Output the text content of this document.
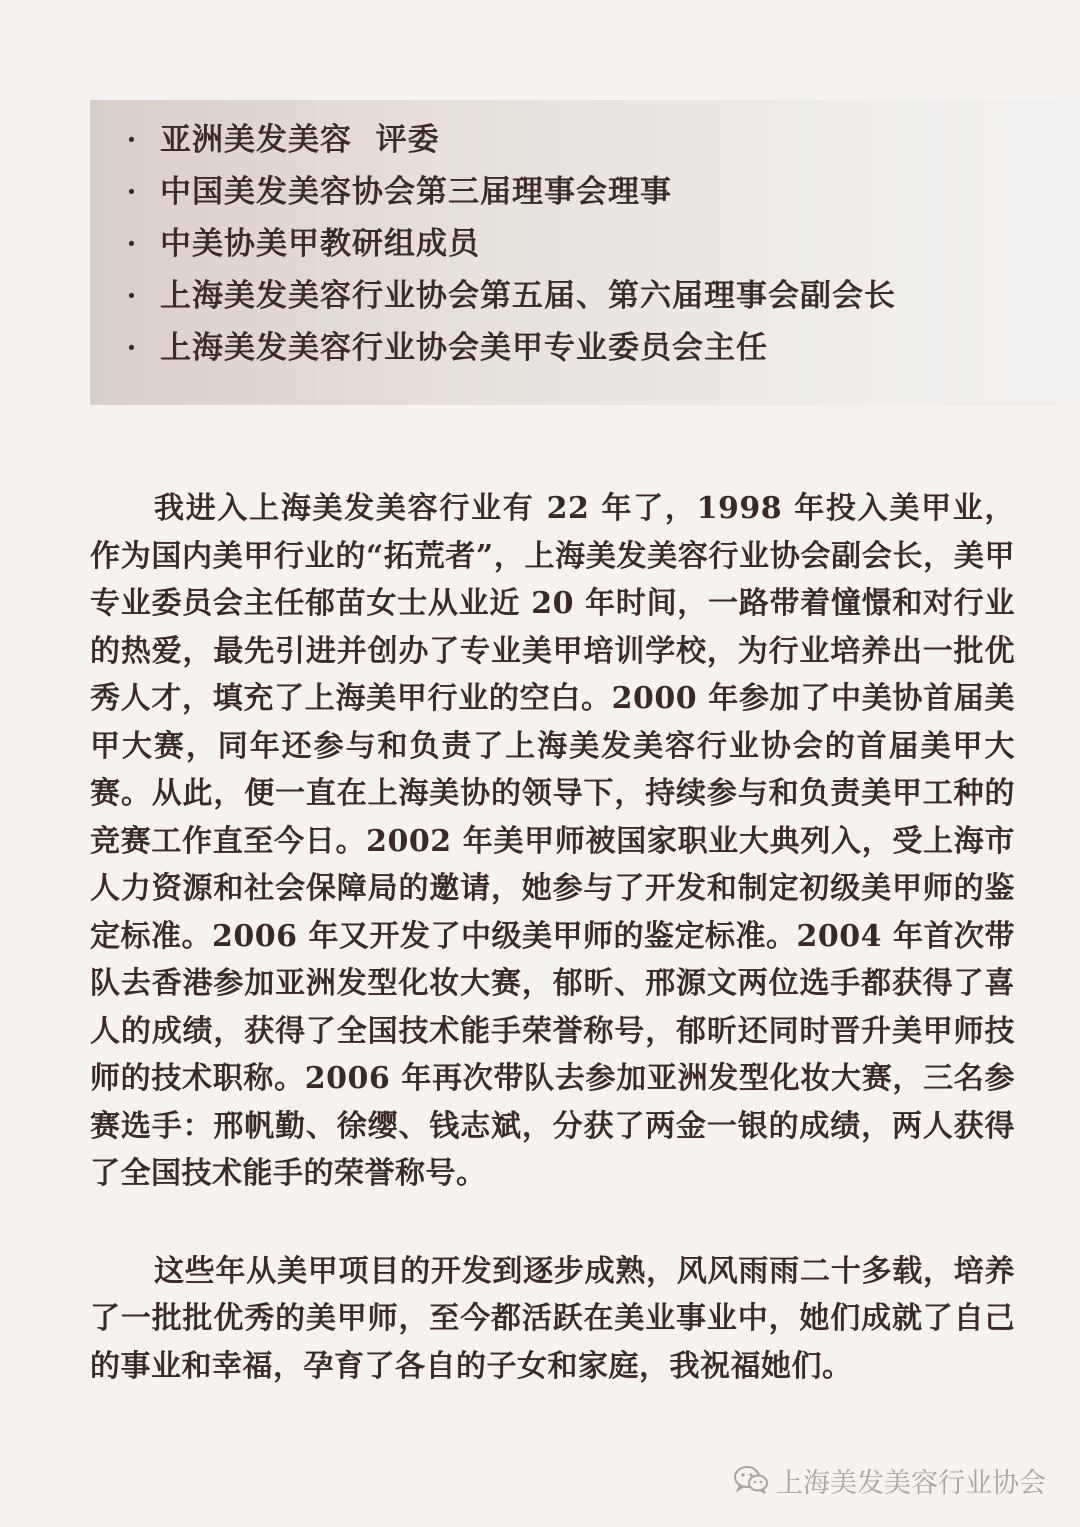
· 亚洲美发美容  评委
· 中国美发美容协会第三届理事会理事
· 中美协美甲教研组成员
· 上海美发美容行业协会第五届、第六届理事会副会长
· 上海美发美容行业协会美甲专业委员会主任

我进入上海美发美容行业有 22 年了，1998 年投入美甲业，作为国内美甲行业的“拓荒者”，上海美发美容行业协会副会长，美甲专业委员会主任郁苗女士从业近 20 年时间，一路带着憧憬和对行业的热爱，最先引进并创办了专业美甲培训学校，为行业培养出一批优秀人才，填充了上海美甲行业的空白。2000 年参加了中美协首届美甲大赛，同年还参与和负责了上海美发美容行业协会的首届美甲大赛。从此，便一直在上海美协的领导下，持续参与和负责美甲工种的竞赛工作直至今日。2002 年美甲师被国家职业大典列入，受上海市人力资源和社会保障局的邀请，她参与了开发和制定初级美甲师的鉴定标准。2006 年又开发了中级美甲师的鉴定标准。2004 年首次带队去香港参加亚洲发型化妆大赛，郁昕、邢源文两位选手都获得了喜人的成绩，获得了全国技术能手荣誉称号，郁昕还同时晋升美甲师技师的技术职称。2006 年再次带队去参加亚洲发型化妆大赛，三名参赛选手：邢帆勤、徐缨、钱志斌，分获了两金一银的成绩，两人获得了全国技术能手的荣誉称号。

这些年从美甲项目的开发到逐步成熟，风风雨雨二十多载，培养了一批批优秀的美甲师，至今都活跃在美业事业中，她们成就了自己的事业和幸福，孕育了各自的子女和家庭，我祝福她们。

上海美发美容行业协会
